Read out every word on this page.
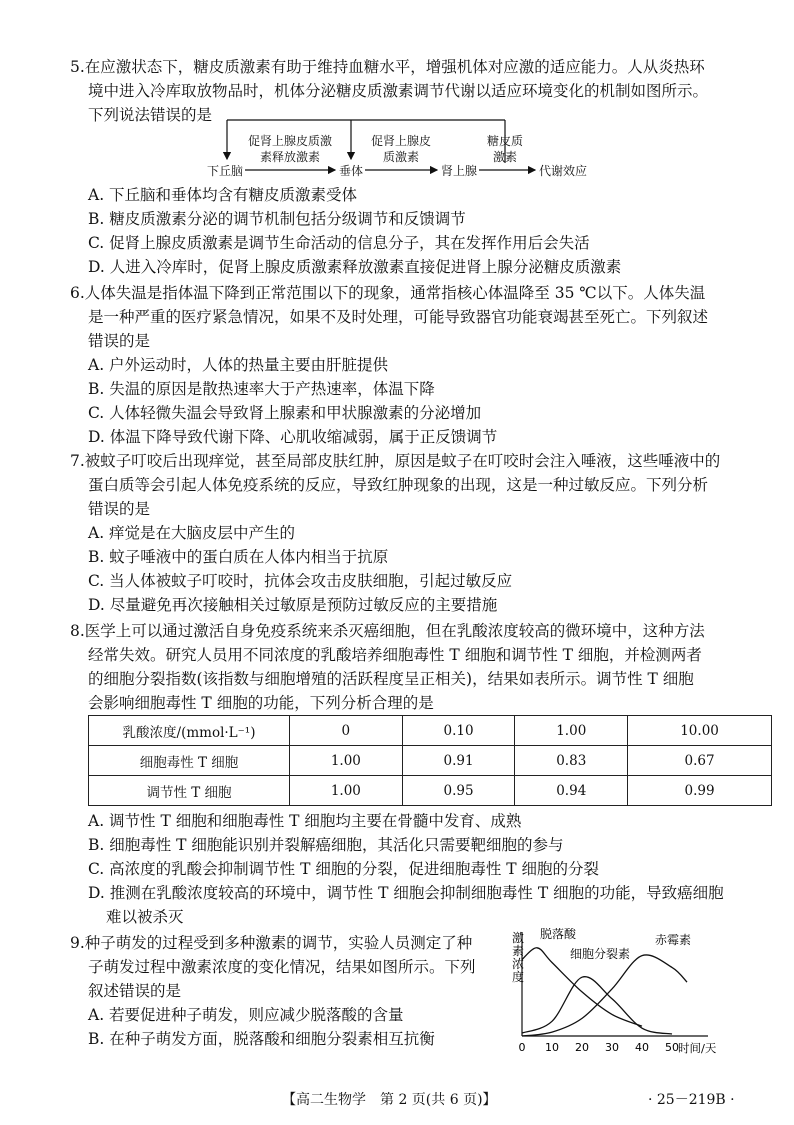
5.在应激状态下，糖皮质激素有助于维持血糖水平，增强机体对应激的适应能力。人从炎热环
境中进入冷库取放物品时，机体分泌糖皮质激素调节代谢以适应环境变化的机制如图所示。
下列说法错误的是
下丘脑	垂体	肾上腺	代谢效应
促肾上腺皮质激
素释放激素
促肾上腺皮
质激素
糖皮质
激素
A. 下丘脑和垂体均含有糖皮质激素受体
B. 糖皮质激素分泌的调节机制包括分级调节和反馈调节
C. 促肾上腺皮质激素是调节生命活动的信息分子，其在发挥作用后会失活
D. 人进入冷库时，促肾上腺皮质激素释放激素直接促进肾上腺分泌糖皮质激素
6.人体失温是指体温下降到正常范围以下的现象，通常指核心体温降至 35 ℃以下。人体失温
是一种严重的医疗紧急情况，如果不及时处理，可能导致器官功能衰竭甚至死亡。下列叙述
错误的是
A. 户外运动时，人体的热量主要由肝脏提供
B. 失温的原因是散热速率大于产热速率，体温下降
C. 人体轻微失温会导致肾上腺素和甲状腺激素的分泌增加
D. 体温下降导致代谢下降、心肌收缩减弱，属于正反馈调节
7.被蚊子叮咬后出现痒觉，甚至局部皮肤红肿，原因是蚊子在叮咬时会注入唾液，这些唾液中的
蛋白质等会引起人体免疫系统的反应，导致红肿现象的出现，这是一种过敏反应。下列分析
错误的是
A. 痒觉是在大脑皮层中产生的
B. 蚊子唾液中的蛋白质在人体内相当于抗原
C. 当人体被蚊子叮咬时，抗体会攻击皮肤细胞，引起过敏反应
D. 尽量避免再次接触相关过敏原是预防过敏反应的主要措施
8.医学上可以通过激活自身免疫系统来杀灭癌细胞，但在乳酸浓度较高的微环境中，这种方法
经常失效。研究人员用不同浓度的乳酸培养细胞毒性 T 细胞和调节性 T 细胞，并检测两者
的细胞分裂指数(该指数与细胞增殖的活跃程度呈正相关)，结果如表所示。调节性 T 细胞
会影响细胞毒性 T 细胞的功能，下列分析合理的是
乳酸浓度/(mmol·L⁻¹)	0	0.10	1.00	10.00
细胞毒性 T 细胞	1.00	0.91	0.83	0.67
调节性 T 细胞	1.00	0.95	0.94	0.99
A. 调节性 T 细胞和细胞毒性 T 细胞均主要在骨髓中发育、成熟
B. 细胞毒性 T 细胞能识别并裂解癌细胞，其活化只需要靶细胞的参与
C. 高浓度的乳酸会抑制调节性 T 细胞的分裂，促进细胞毒性 T 细胞的分裂
D. 推测在乳酸浓度较高的环境中，调节性 T 细胞会抑制细胞毒性 T 细胞的功能，导致癌细胞
难以被杀灭
9.种子萌发的过程受到多种激素的调节，实验人员测定了种
子萌发过程中激素浓度的变化情况，结果如图所示。下列
叙述错误的是
A. 若要促进种子萌发，则应减少脱落酸的含量
B. 在种子萌发方面，脱落酸和细胞分裂素相互抗衡
激素浓度
0 10 20 30 40 50 时间/天
脱落酸
细胞分裂素
赤霉素
【高二生物学　第 2 页(共 6 页)】	· 25－219B ·
